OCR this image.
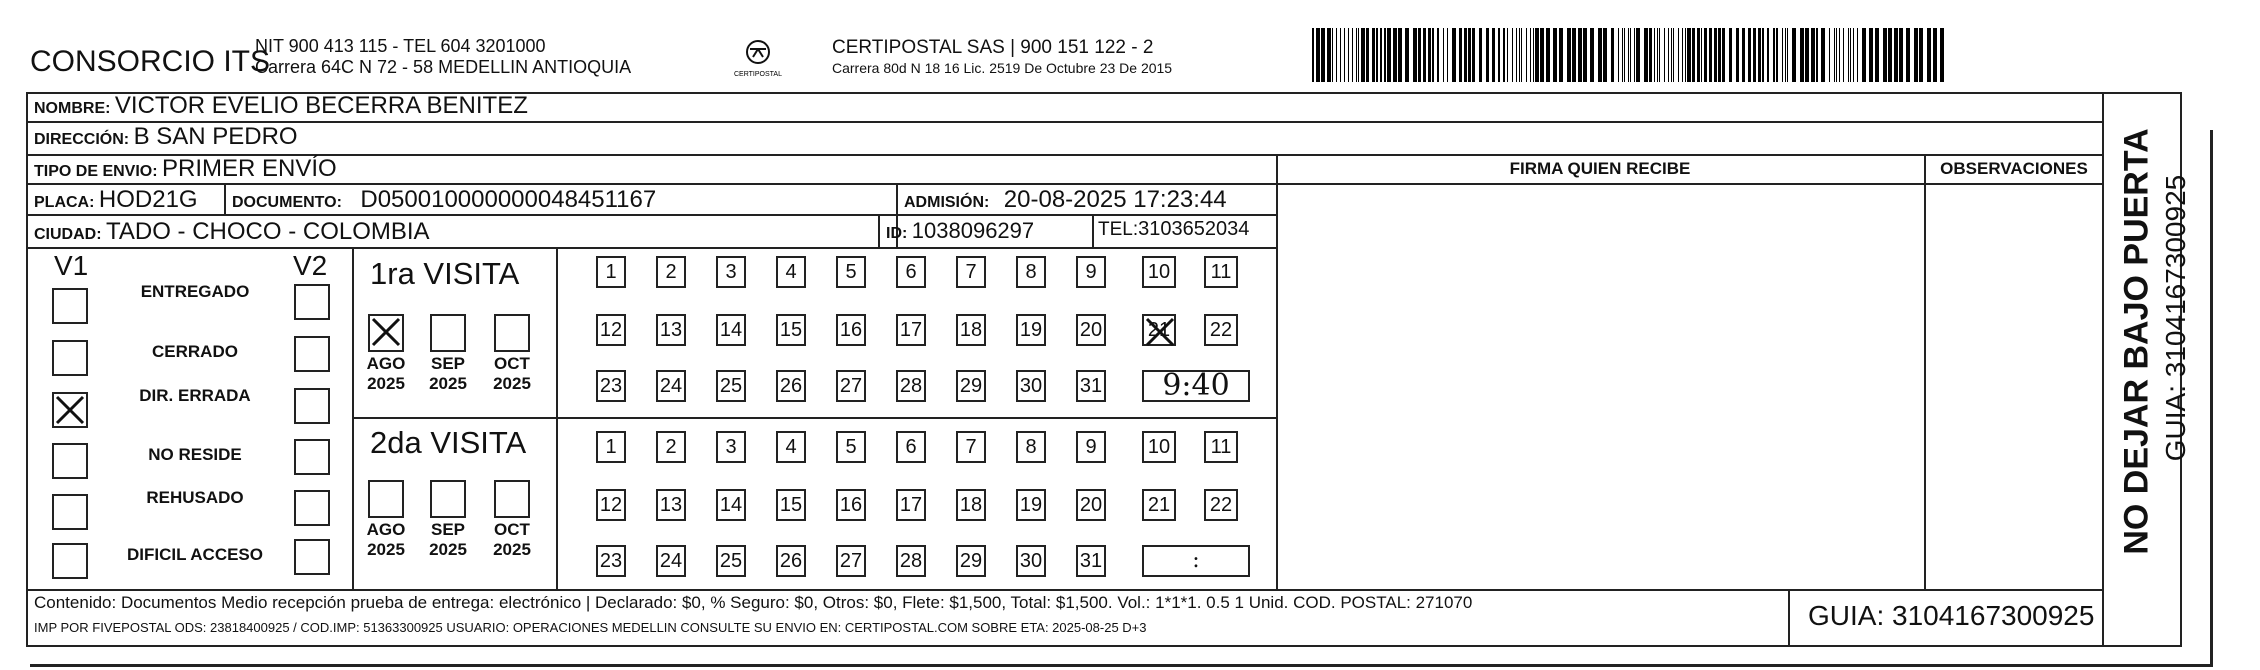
CONSORCIO ITS
NIT 900 413 115 - TEL 604 3201000
Carrera 64C N 72 - 58 MEDELLIN ANTIOQUIA	CERTIPOSTAL
CERTIPOSTAL SAS | 900 151 122 - 2
Carrera 80d N 18 16 Lic. 2519 De Octubre 23 De 2015
NOMBRE: VICTOR EVELIO BECERRA BENITEZ
DIRECCIÓN: B SAN PEDRO
TIPO DE ENVIO: PRIMER ENVÍO	FIRMA QUIEN RECIBE	OBSERVACIONES
PLACA: HOD21G DOCUMENTO: D050010000000048451167	ADMISIÓN: 20-08-2025 17:23:44
CIUDAD: TADO - CHOCO - COLOMBIA	ID: 1038096297	TEL:3103652034
V1	V2
ENTREGADO
CERRADO
DIR. ERRADA
NO RESIDE
REHUSADO
DIFICIL ACCESO
1ra VISITA
2da VISITA
AGO
2025
SEP
2025
OCT
2025
AGO
2025
SEP
2025
OCT
2025
1	2	3	4	5	6	7	8	9	10	11
12 13 14 15 16 17 18 19 20 21 22
23 24 25 26 27 28 29 30 31	9:40
1	2	3	4	5	6	7	8	9	10	11
12 13 14 15 16 17 18 19 20 21 22
23 24 25 26 27 28 29 30 31	:
Contenido: Documentos Medio recepción prueba de entrega: electrónico | Declarado: $0, % Seguro: $0, Otros: $0, Flete: $1,500, Total: $1,500. Vol.: 1*1*1. 0.5 1 Unid. COD. POSTAL: 271070
IMP POR FIVEPOSTAL ODS: 23818400925 / COD.IMP: 51363300925 USUARIO: OPERACIONES MEDELLIN CONSULTE SU ENVIO EN: CERTIPOSTAL.COM SOBRE ETA: 2025-08-25 D+3	GUIA: 3104167300925
NO DEJAR BAJO PUERTA GUIA: 3104167300925
